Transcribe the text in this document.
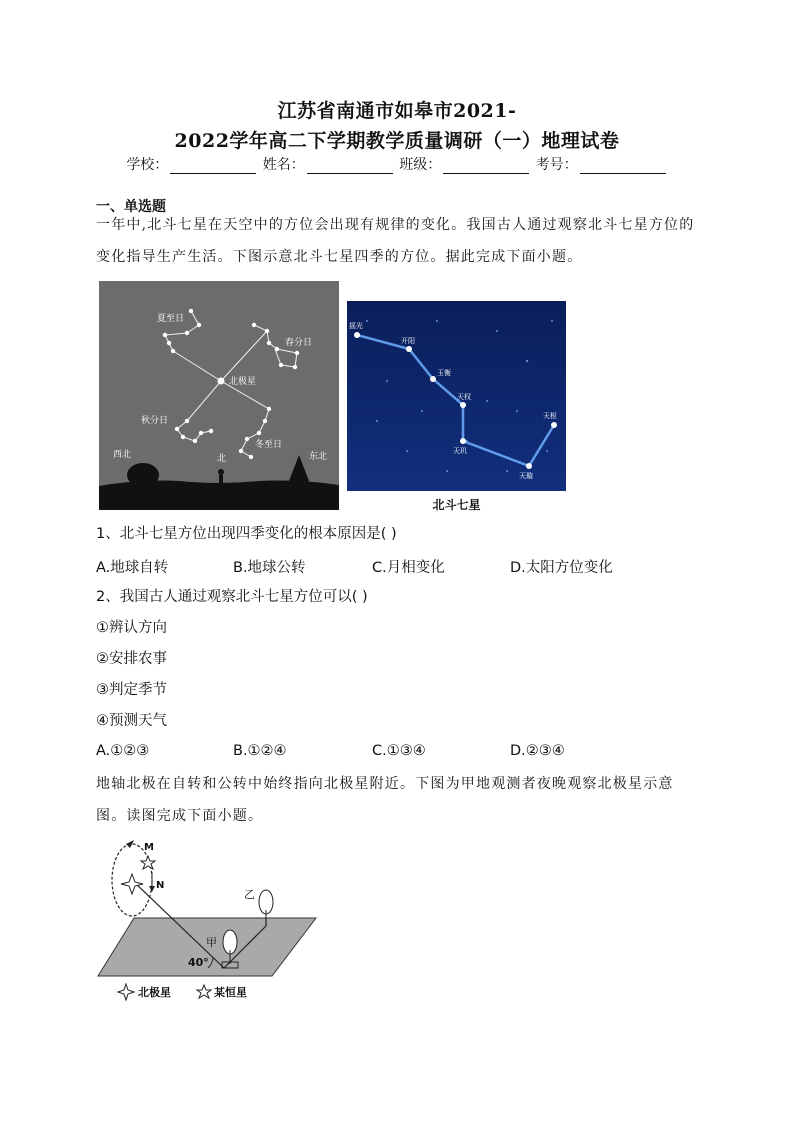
江苏省南通市如皋市2021-
2022学年高二下学期教学质量调研（一）地理试卷
学校：	姓名：	班级：	考号：
一、单选题
一年中,北斗七星在天空中的方位会出现有规律的变化。我国古人通过观察北斗七星方位的变化指导生产生活。下图示意北斗七星四季的方位。据此完成下面小题。
夏至日
春分日
北极星
秋分日
冬至日
西北	北	东北
摇光
开阳
玉衡
天权
天玑
天璇
天枢
北斗七星
1、北斗七星方位出现四季变化的根本原因是( )
A.地球自转	B.地球公转	C.月相变化	D.太阳方位变化
2、我国古人通过观察北斗七星方位可以( )
①辨认方向
②安排农事
③判定季节
④预测天气
A.①②③	B.①②④	C.①③④	D.②③④
地轴北极在自转和公转中始终指向北极星附近。下图为甲地观测者夜晚观察北极星示意图。读图完成下面小题。
M
N
乙
甲
40°
北极星	某恒星
